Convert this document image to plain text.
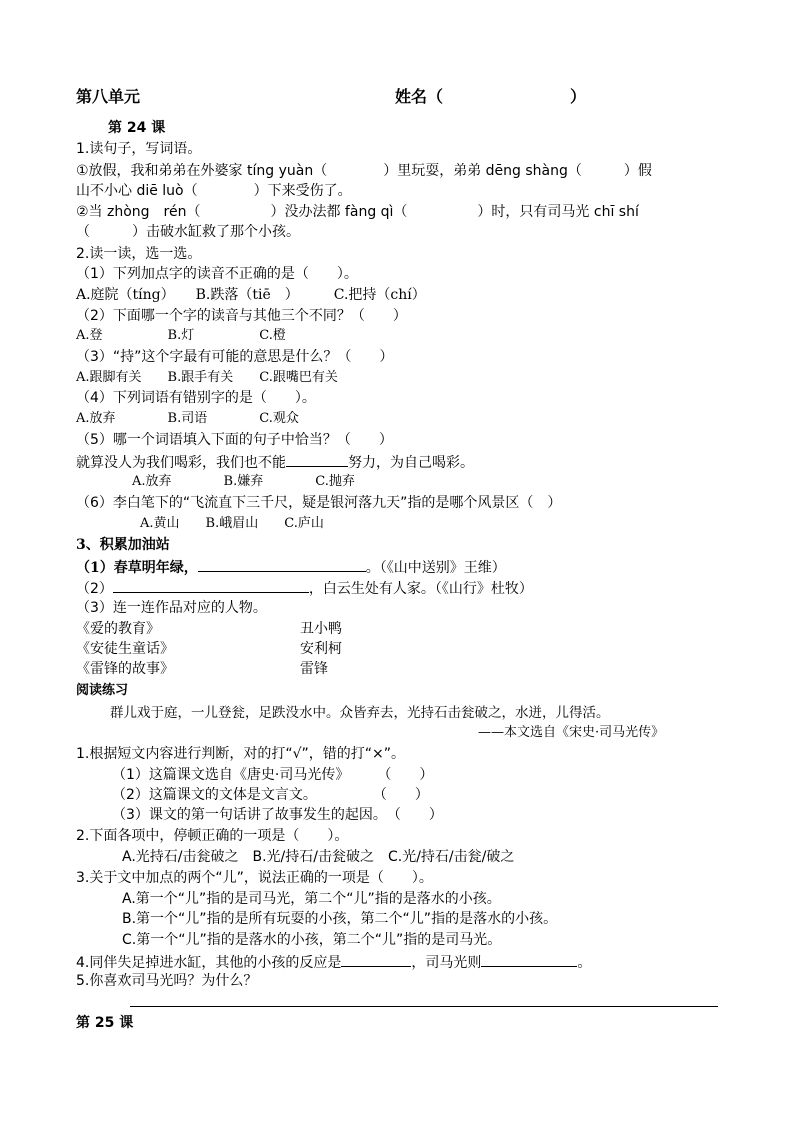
第八单元	姓名（	）
第 24 课
1.读句子，写词语。
①放假，我和弟弟在外婆家 tíng yuàn（　　　　）里玩耍，弟弟 dēng shàng（　　　）假
山不小心 diē luò（　　　　）下来受伤了。
②当 zhòng　rén（　　　　　）没办法都 fàng qì（　　　　　）时，只有司马光 chī shí
（　　　）击破水缸救了那个小孩。
2.读一读，选一选。
（1）下列加点字的读音不正确的是（　　）。
A.庭院（tíng）　　B.跌落（tiē　）　　　C.把持（chí）
（2）下面哪一个字的读音与其他三个不同？（　　）
A.登　　　　　B.灯　　　　　C.橙
（3）“持”这个字最有可能的意思是什么？（　　）
A.跟脚有关　　B.跟手有关　　C.跟嘴巴有关
（4）下列词语有错别字的是（　　）。
A.放弃　　　　B.司语　　　　C.观众
（5）哪一个词语填入下面的句子中恰当？（　　）
就算没人为我们喝彩，我们也不能	努力，为自己喝彩。
A.放弃　　　　B.嫌弃　　　　C.抛弃
（6）李白笔下的“飞流直下三千尺，疑是银河落九天”指的是哪个风景区（　）
A.黄山　　B.峨眉山　　C.庐山
3、积累加油站
（1）春草明年绿，	。（《山中送别》王维）
（2）	，白云生处有人家。（《山行》杜牧）
（3）连一连作品对应的人物。
《爱的教育》	丑小鸭
《安徒生童话》	安利柯
《雷锋的故事》	雷锋
阅读练习
群儿戏于庭，一儿登瓮，足跌没水中。众皆弃去，光持石击瓮破之，水迸，儿得活。
——本文选自《宋史·司马光传》
1.根据短文内容进行判断，对的打“√”，错的打“×”。
（1）这篇课文选自《唐史·司马光传》　　　（　　）
（2）这篇课文的文体是文言文。　　　　　（　　）
（3）课文的第一句话讲了故事发生的起因。　（　　）
2.下面各项中，停顿正确的一项是（　　）。
A.光持石/击瓮破之　B.光/持石/击瓮破之　C.光/持石/击瓮/破之
3.关于文中加点的两个“儿”，说法正确的一项是（　　）。
A.第一个“儿”指的是司马光，第二个“儿”指的是落水的小孩。
B.第一个“儿”指的是所有玩耍的小孩，第二个“儿”指的是落水的小孩。
C.第一个“儿”指的是落水的小孩，第二个“儿”指的是司马光。
4.同伴失足掉进水缸，其他的小孩的反应是	，司马光则	。
5.你喜欢司马光吗？为什么？
第 25 课
